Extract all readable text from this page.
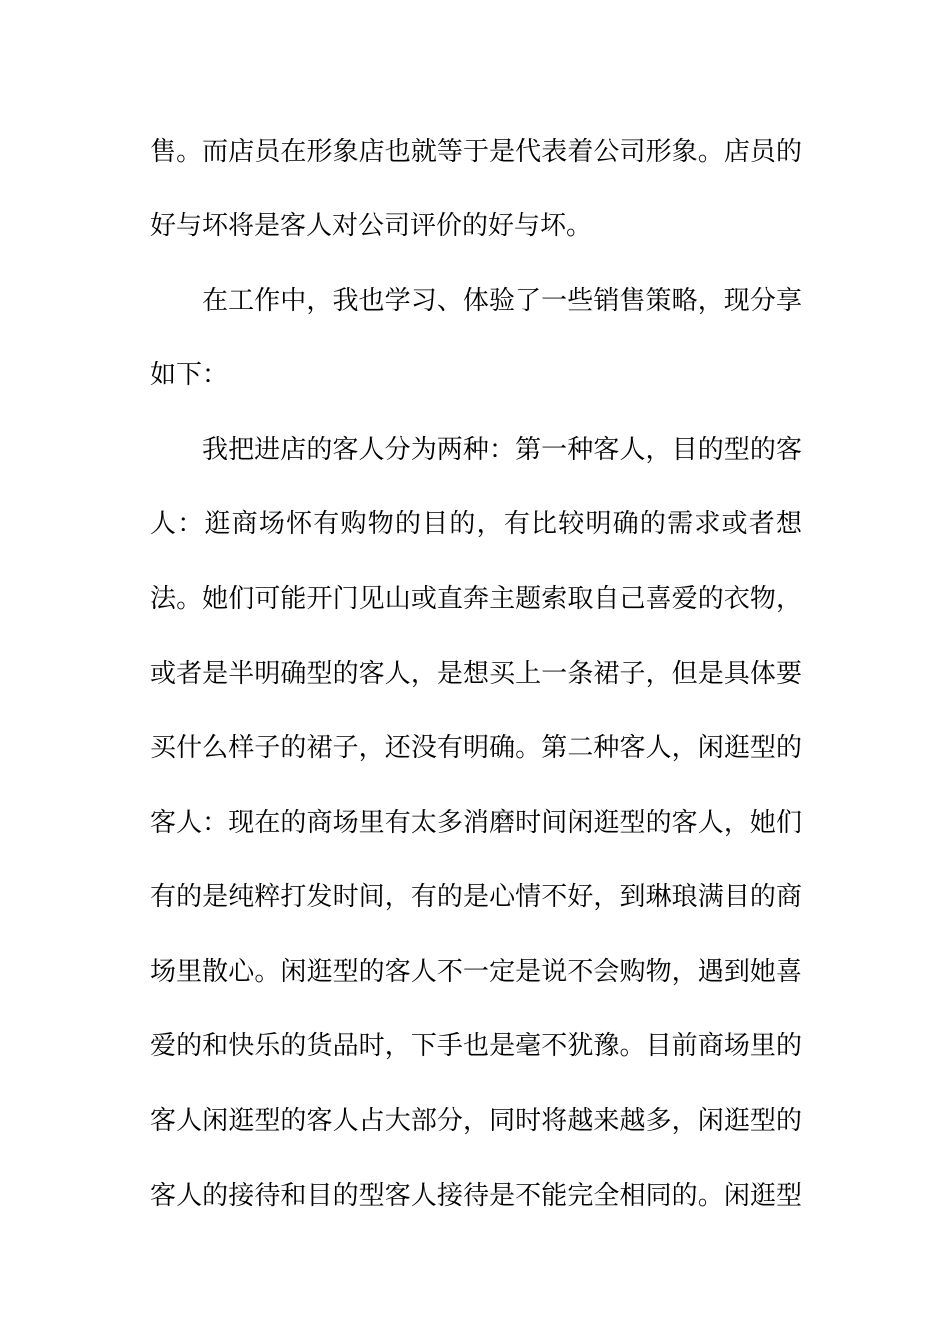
售。而店员在形象店也就等于是代表着公司形象。店员的
好与坏将是客人对公司评价的好与坏。
在工作中，我也学习、体验了一些销售策略，现分享
如下：
我把进店的客人分为两种：第一种客人，目的型的客
人：逛商场怀有购物的目的，有比较明确的需求或者想
法。她们可能开门见山或直奔主题索取自己喜爱的衣物，
或者是半明确型的客人，是想买上一条裙子，但是具体要
买什么样子的裙子，还没有明确。第二种客人，闲逛型的
客人：现在的商场里有太多消磨时间闲逛型的客人，她们
有的是纯粹打发时间，有的是心情不好，到琳琅满目的商
场里散心。闲逛型的客人不一定是说不会购物，遇到她喜
爱的和快乐的货品时，下手也是毫不犹豫。目前商场里的
客人闲逛型的客人占大部分，同时将越来越多，闲逛型的
客人的接待和目的型客人接待是不能完全相同的。闲逛型
